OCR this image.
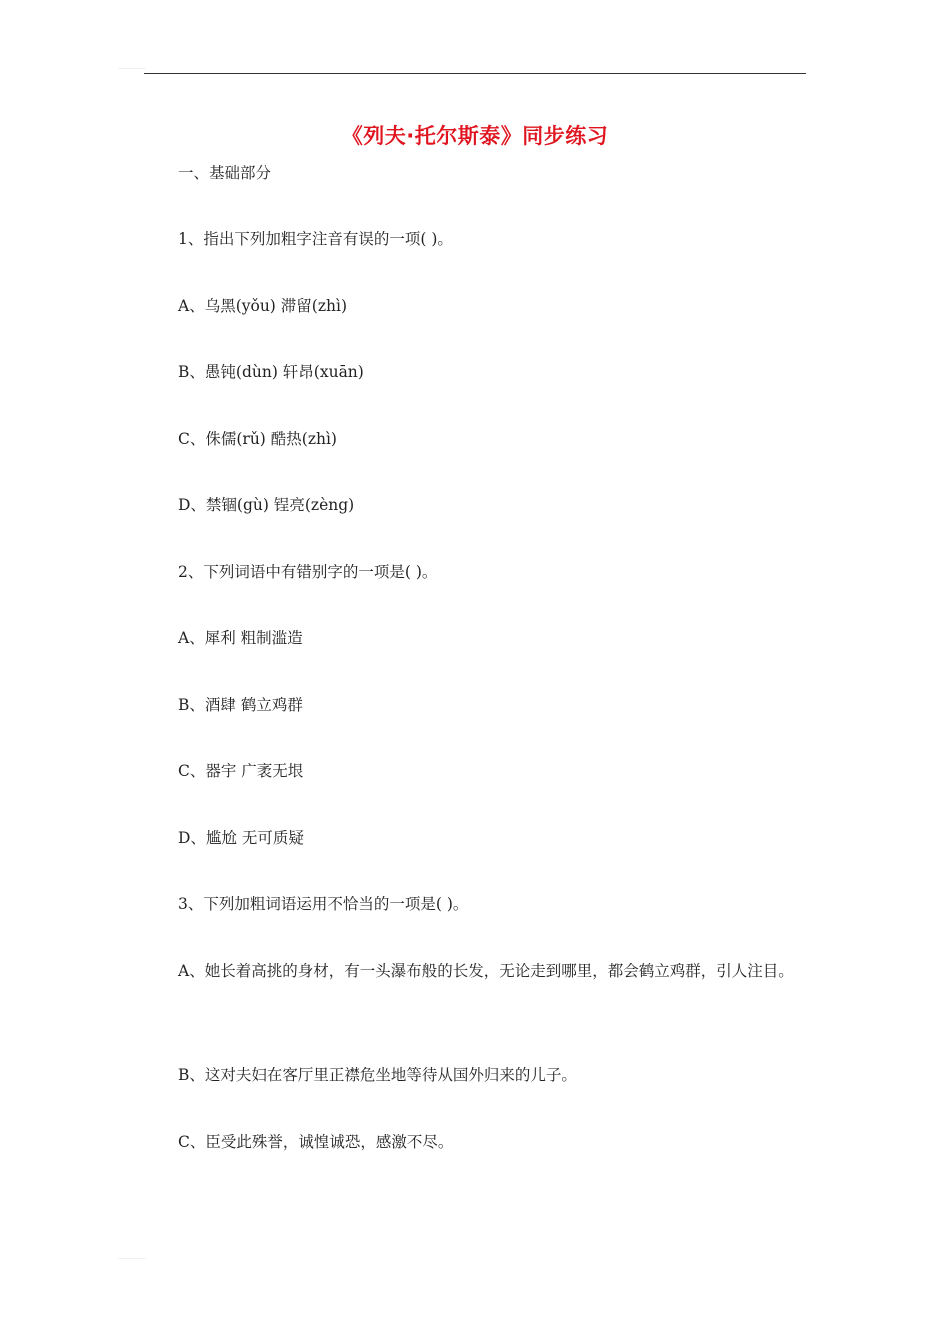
《列夫·托尔斯泰》同步练习
一、基础部分
1、指出下列加粗字注音有误的一项( )。
A、乌黑(yǒu) 滞留(zhì)
B、愚钝(dùn) 轩昂(xuān)
C、侏儒(rǔ) 酷热(zhì)
D、禁锢(gù) 锃亮(zèng)
2、下列词语中有错别字的一项是( )。
A、犀利 粗制滥造
B、酒肆 鹤立鸡群
C、器宇 广袤无垠
D、尴尬 无可质疑
3、下列加粗词语运用不恰当的一项是( )。
A、她长着高挑的身材，有一头瀑布般的长发，无论走到哪里，都会鹤立鸡群，引人注目。
B、这对夫妇在客厅里正襟危坐地等待从国外归来的儿子。
C、臣受此殊誉，诚惶诚恐，感激不尽。
